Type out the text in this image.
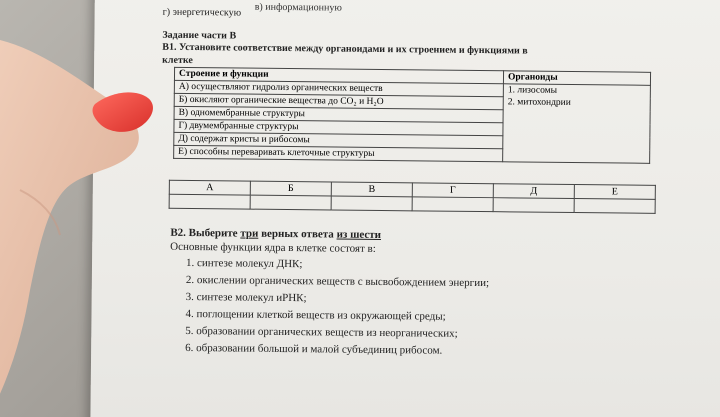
в) информационную
г) энергетическую
Задание части В
В1. Установите соответствие между органоидами и их строением и функциями в
клетке
Строение и функции	Органоиды
А) осуществляют гидролиз органических веществ	1. лизосомы
2. митохондрии

Б) окисляют органические вещества до CO₂ и H₂O	
В) одномембранные структуры	
Г) двумембранные структуры	
Д) содержат кристы и рибосомы	
Е) способны переваривать клеточные структуры	
А	Б	В	Г	Д	Е

В2. Выберите три верных ответа из шести
Основные функции ядра в клетке состоят в:
1. синтезе молекул ДНК;
2. окислении органических веществ с высвобождением энергии;
3. синтезе молекул иРНК;
4. поглощении клеткой веществ из окружающей среды;
5. образовании органических веществ из неорганических;
6. образовании большой и малой субъединиц рибосом.
